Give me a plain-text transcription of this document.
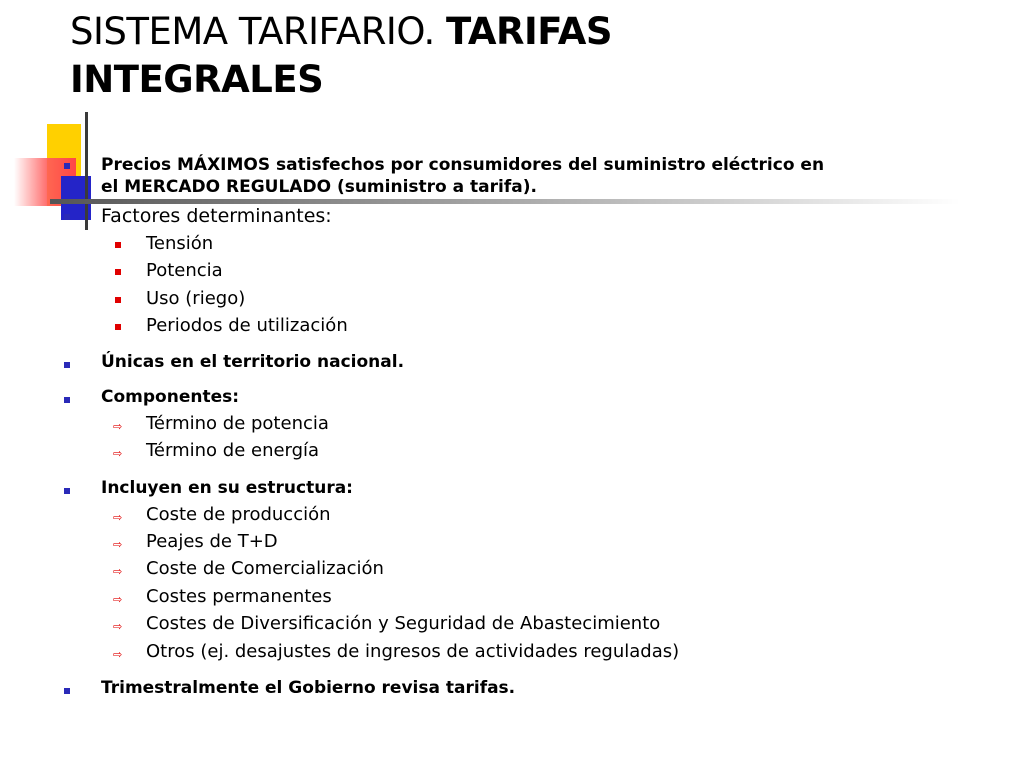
SISTEMA TARIFARIO. TARIFAS
INTEGRALES

Precios MÁXIMOS satisfechos por consumidores del suministro eléctrico en

el MERCADO REGULADO (suministro a tarifa).

Factores determinantes:

Tensión

Potencia

Uso (riego)

Periodos de utilización

Únicas en el territorio nacional.

Componentes:

⇨ Término de potencia

⇨ Término de energía

Incluyen en su estructura:

⇨ Coste de producción

⇨ Peajes de T+D

⇨ Coste de Comercialización

⇨ Costes permanentes

⇨ Costes de Diversificación y Seguridad de Abastecimiento

⇨ Otros (ej. desajustes de ingresos de actividades reguladas)

Trimestralmente el Gobierno revisa tarifas.
